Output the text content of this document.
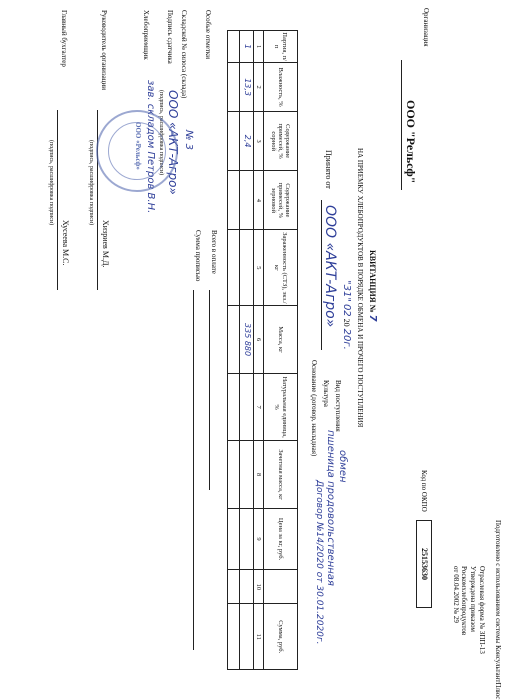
Подготовлено с использованием системы КонсультантПлюс
Отраслевая форма № ЗПП-13
Утверждена приказом
Роскомхлебопродуктов
от 08.04.2002 № 29
Код по ОКПО
25153630
Организация
ООО "Рельсф"
КВИТАНЦИЯ № 7
НА ПРИЕМКУ ХЛЕБОПРОДУКТОВ В ПОРЯДКЕ ОБМЕНА И ПРОЧЕГО ПОСТУПЛЕНИЯ
"31" 02 20 20г.
Принято от
ООО «АКТ-Агро»
Вид поступления
обмен
Культура
пшеница продовольственная
Основание (договор, накладная)
Договор №14/2020 от 30.01.2020г.
Партия, п/п	Влажность, %	Содержание примесей, % сорной	Содержание примесей, % зерновой	Зараженность (СТЗ), экз./кг	Масса, кг	Натуральная единица, %	Зачетная масса, кг	Цена за кг, руб.		Сумма, руб.
1	2	3	4	5	6	7	8	9	10	11
1	13,3	2,4			335 880					

Всего в оплате
Сумма прописью
Особые отметки
Складской № силоса (склада)
№ 3
Подпись сдатчика
ООО «АКТ-Агро»
(подпись, расшифровка подписи)
Хлебоприемщик
зав. складом Петров В.Н.
Руководитель организации
Хизриев М.Д.
(подпись, расшифровка подписи)
Главный бухгалтер
Хусеева М.С.
(подпись, расшифровка подписи)	ООО «Рельсф»
